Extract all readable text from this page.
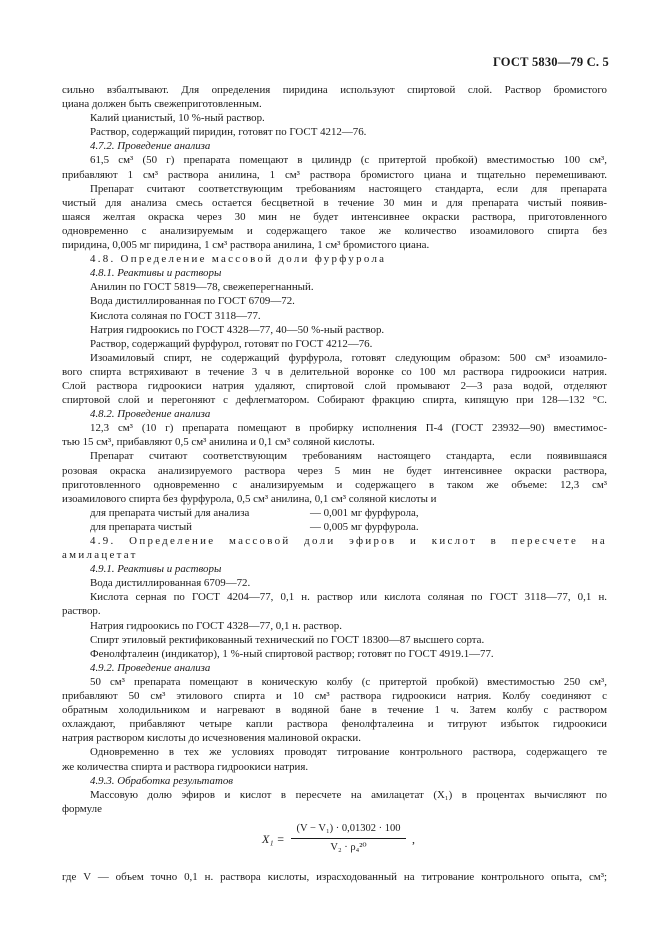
ГОСТ 5830—79 С. 5
сильно взбалтывают. Для определения пиридина используют спиртовой слой. Раствор бромистого
циана должен быть свежеприготовленным.
Калий цианистый, 10 %-ный раствор.
Раствор, содержащий пиридин, готовят по ГОСТ 4212—76.
4.7.2. Проведение анализа
61,5 см³ (50 г) препарата помещают в цилиндр (с притертой пробкой) вместимостью 100 см³,
прибавляют 1 см³ раствора анилина, 1 см³ раствора бромистого циана и тщательно перемешивают.
Препарат считают соответствующим требованиям настоящего стандарта, если для препарата
чистый для анализа смесь остается бесцветной в течение 30 мин и для препарата чистый появив-
шаяся желтая окраска через 30 мин не будет интенсивнее окраски раствора, приготовленного
одновременно с анализируемым и содержащего такое же количество изоамилового спирта без
пиридина, 0,005 мг пиридина, 1 см³ раствора анилина, 1 см³ бромистого циана.
4.8. Определение массовой доли фурфурола
4.8.1. Реактивы и растворы
Анилин по ГОСТ 5819—78, свежеперегнанный.
Вода дистиллированная по ГОСТ 6709—72.
Кислота соляная по ГОСТ 3118—77.
Натрия гидроокись по ГОСТ 4328—77, 40—50 %-ный раствор.
Раствор, содержащий фурфурол, готовят по ГОСТ 4212—76.
Изоамиловый спирт, не содержащий фурфурола, готовят следующим образом: 500 см³ изоамило-
вого спирта встряхивают в течение 3 ч в делительной воронке со 100 мл раствора гидроокиси натрия.
Слой раствора гидроокиси натрия удаляют, спиртовой слой промывают 2—3 раза водой, отделяют
спиртовой слой и перегоняют с дефлегматором. Собирают фракцию спирта, кипящую при 128—132 °С.
4.8.2. Проведение анализа
12,3 см³ (10 г) препарата помещают в пробирку исполнения П-4 (ГОСТ 23932—90) вместимос-
тью 15 см³, прибавляют 0,5 см³ анилина и 0,1 см³ соляной кислоты.
Препарат считают соответствующим требованиям настоящего стандарта, если появившаяся
розовая окраска анализируемого раствора через 5 мин не будет интенсивнее окраски раствора,
приготовленного одновременно с анализируемым и содержащего в таком же объеме: 12,3 см³
изоамилового спирта без фурфурола, 0,5 см³ анилина, 0,1 см³ соляной кислоты и
для препарата чистый для анализа	— 0,001 мг фурфурола,
для препарата чистый	— 0,005 мг фурфурола.
4.9. Определение массовой доли эфиров и кислот в пересчете на
амилацетат
4.9.1. Реактивы и растворы
Вода дистиллированная 6709—72.
Кислота серная по ГОСТ 4204—77, 0,1 н. раствор или кислота соляная по ГОСТ 3118—77, 0,1 н.
раствор.
Натрия гидроокись по ГОСТ 4328—77, 0,1 н. раствор.
Спирт этиловый ректификованный технический по ГОСТ 18300—87 высшего сорта.
Фенолфталеин (индикатор), 1 %-ный спиртовой раствор; готовят по ГОСТ 4919.1—77.
4.9.2. Проведение анализа
50 см³ препарата помещают в коническую колбу (с притертой пробкой) вместимостью 250 см³,
прибавляют 50 см³ этилового спирта и 10 см³ раствора гидроокиси натрия. Колбу соединяют с
обратным холодильником и нагревают в водяной бане в течение 1 ч. Затем колбу с раствором
охлаждают, прибавляют четыре капли раствора фенолфталеина и титруют избыток гидроокиси
натрия раствором кислоты до исчезновения малиновой окраски.
Одновременно в тех же условиях проводят титрование контрольного раствора, содержащего те
же количества спирта и раствора гидроокиси натрия.
4.9.3. Обработка результатов
Массовую долю эфиров и кислот в пересчете на амилацетат (X₁) в процентах вычисляют по
формуле
$X_1 = \frac{\text{(V − V₁) · 0,01302 · 100}}{\text{V₂ · ρ₄²⁰}}$ ,
где V — объем точно 0,1 н. раствора кислоты, израсходованный на титрование контрольного опыта, см³;
